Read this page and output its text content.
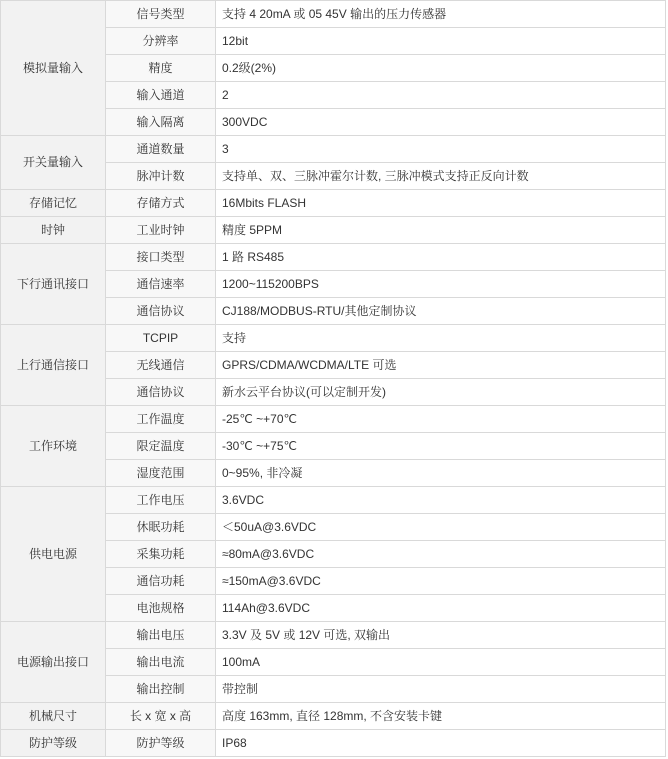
模拟量输入	信号类型	支持 4 20mA 或 05 45V 输出的压力传感器
	分辨率	12bit
	精度	0.2级(2%)
	输入通道	2
	输入隔离	300VDC
开关量输入	通道数量	3
	脉冲计数	支持单、双、三脉冲霍尔计数, 三脉冲模式支持正反向计数
存储记忆	存储方式	16Mbits FLASH
时钟	工业时钟	精度 5PPM
下行通讯接口	接口类型	1 路 RS485
	通信速率	1200~115200BPS
	通信协议	CJ188/MODBUS-RTU/其他定制协议
上行通信接口	TCPIP	支持
	无线通信	GPRS/CDMA/WCDMA/LTE 可选
	通信协议	新水云平台协议(可以定制开发)
工作环境	工作温度	-25℃ ~+70℃
	限定温度	-30℃ ~+75℃
	湿度范围	0~95%, 非冷凝
供电电源	工作电压	3.6VDC
	休眠功耗	＜50uA@3.6VDC
	采集功耗	≈80mA@3.6VDC
	通信功耗	≈150mA@3.6VDC
	电池规格	114Ah@3.6VDC
电源输出接口	输出电压	3.3V 及 5V 或 12V 可选, 双输出
	输出电流	100mA
	输出控制	带控制
机械尺寸	长 x 宽 x 高	高度 163mm, 直径 128mm, 不含安装卡键
防护等级	防护等级	IP68
